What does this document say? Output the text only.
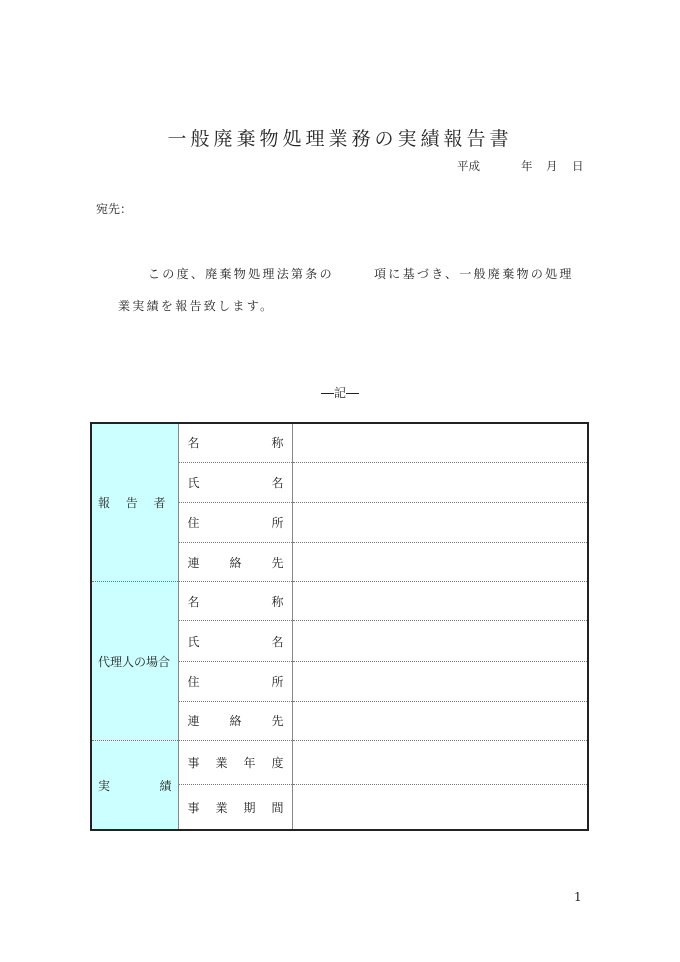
一般廃棄物処理業務の実績報告書
平成	年 月 日
宛先：
この度、廃棄物処理法第条の	項に基づき、一般廃棄物の処理
業実績を報告致します。
記
報 告 者	名 称	

	氏 名	

	住 所	

	連 絡 先	

代理人の場合	名 称	

	氏 名	

	住 所	

	連 絡 先	

実 績	事 業 年 度	

	事 業 期 間	

1
